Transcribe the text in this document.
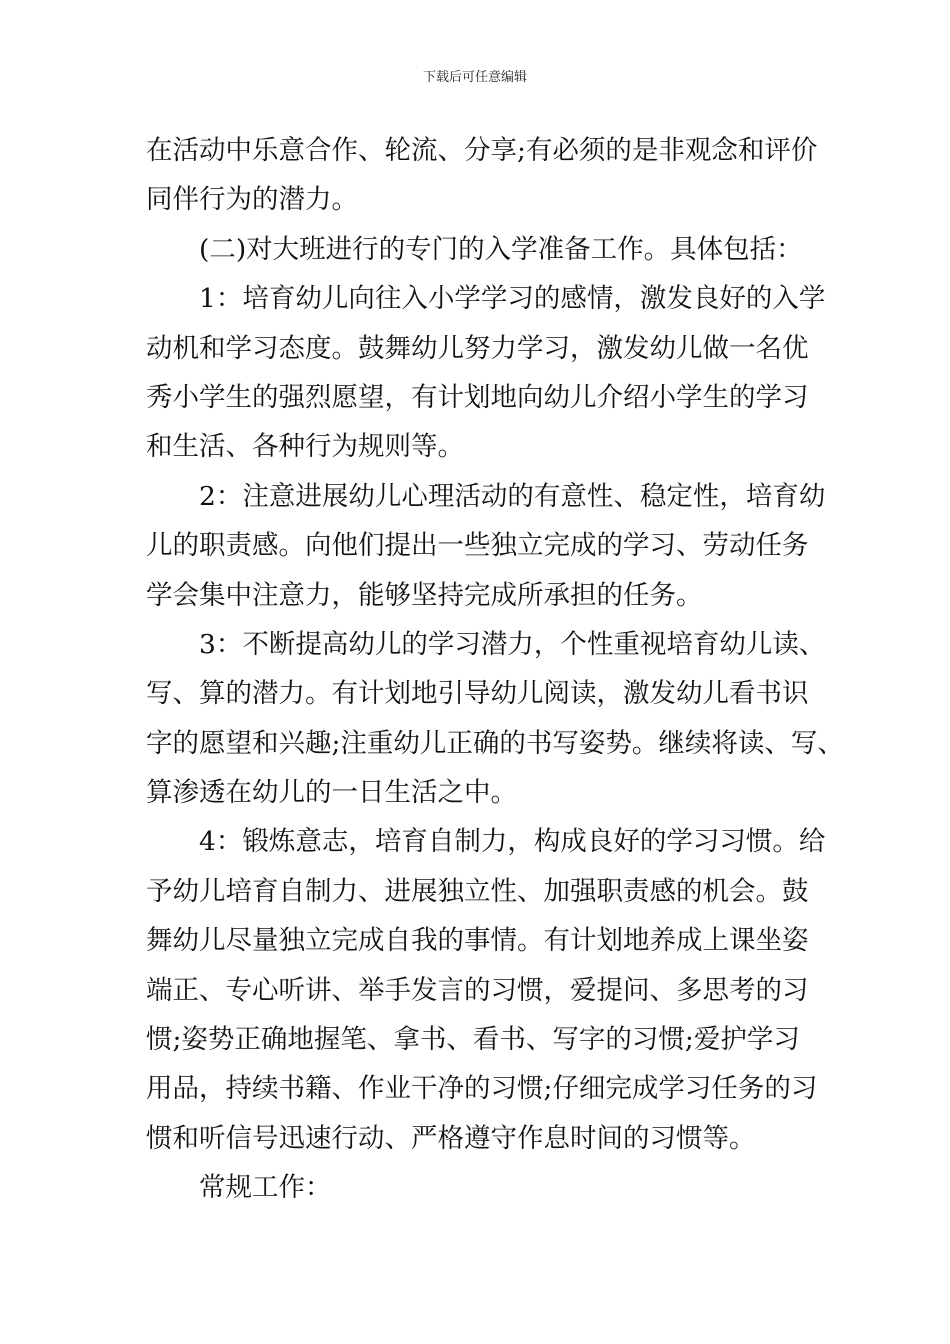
下载后可任意编辑
在活动中乐意合作、轮流、分享;有必须的是非观念和评价
同伴行为的潜力。
　　(二)对大班进行的专门的入学准备工作。具体包括：
　　1：培育幼儿向往入小学学习的感情，激发良好的入学
动机和学习态度。鼓舞幼儿努力学习，激发幼儿做一名优
秀小学生的强烈愿望，有计划地向幼儿介绍小学生的学习
和生活、各种行为规则等。
　　2：注意进展幼儿心理活动的有意性、稳定性，培育幼
儿的职责感。向他们提出一些独立完成的学习、劳动任务
学会集中注意力，能够坚持完成所承担的任务。
　　3：不断提高幼儿的学习潜力，个性重视培育幼儿读、
写、算的潜力。有计划地引导幼儿阅读，激发幼儿看书识
字的愿望和兴趣;注重幼儿正确的书写姿势。继续将读、写、
算渗透在幼儿的一日生活之中。
　　4：锻炼意志，培育自制力，构成良好的学习习惯。给
予幼儿培育自制力、进展独立性、加强职责感的机会。鼓
舞幼儿尽量独立完成自我的事情。有计划地养成上课坐姿
端正、专心听讲、举手发言的习惯，爱提问、多思考的习
惯;姿势正确地握笔、拿书、看书、写字的习惯;爱护学习
用品，持续书籍、作业干净的习惯;仔细完成学习任务的习
惯和听信号迅速行动、严格遵守作息时间的习惯等。
　　常规工作：
